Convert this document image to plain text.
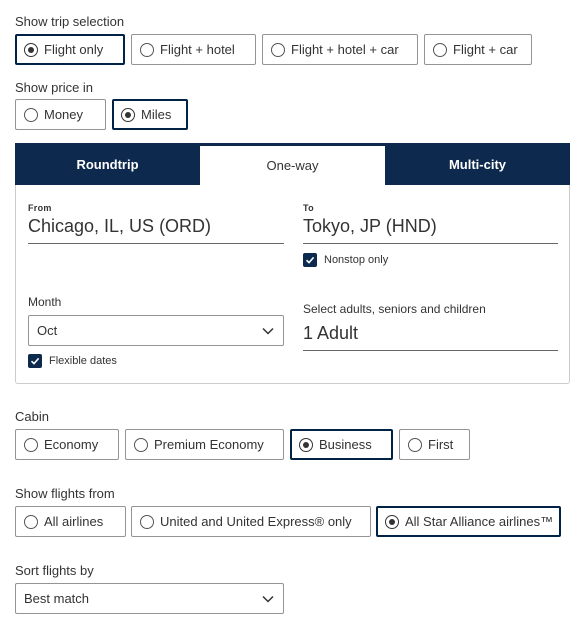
Show trip selection
Flight only	Flight + hotel	Flight + hotel + car	Flight + car
Show price in
Money	Miles
Roundtrip	One-way	Multi-city
From
Chicago, IL, US (ORD)
To
Tokyo, JP (HND)
Nonstop only
Month
Oct
Flexible dates
Select adults, seniors and children
1 Adult
Cabin
Economy	Premium Economy	Business	First
Show flights from
All airlines	United and United Express® only	All Star Alliance airlines™
Sort flights by
Best match
